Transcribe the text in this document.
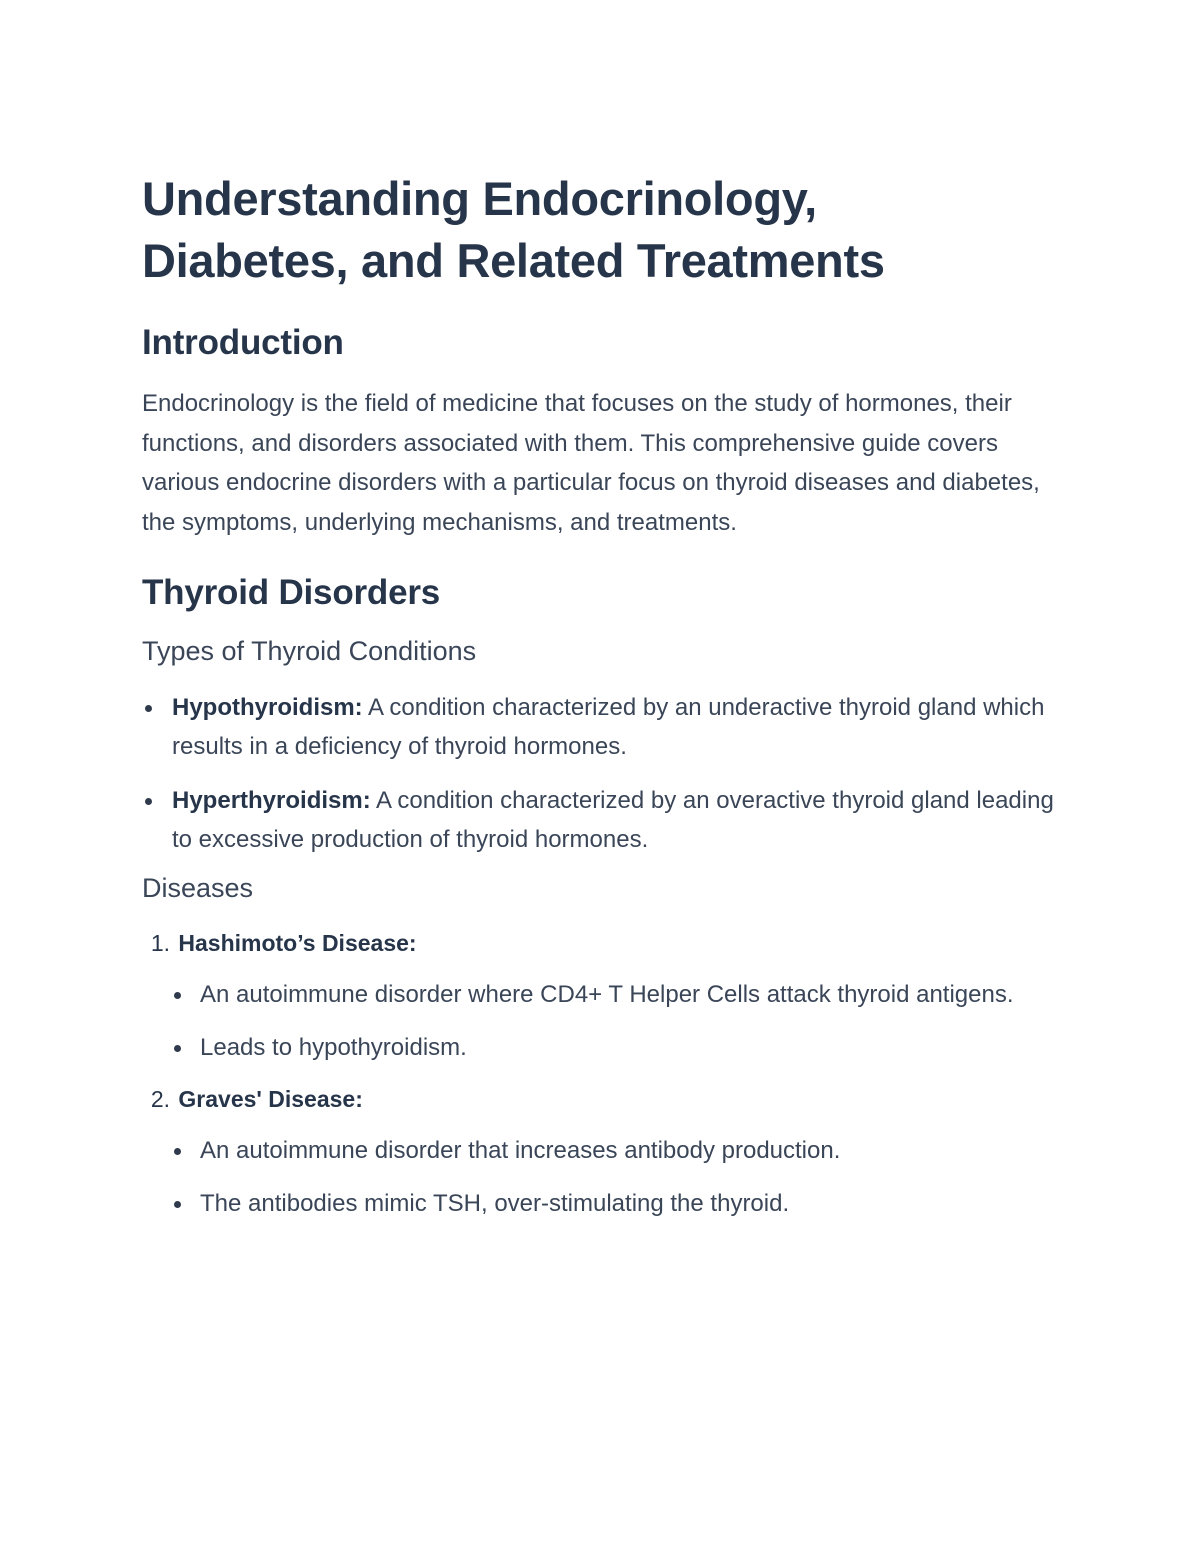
Understanding Endocrinology,
Diabetes, and Related Treatments
Introduction

Endocrinology is the field of medicine that focuses on the study of hormones, their functions, and disorders associated with them. This comprehensive guide covers various endocrine disorders with a particular focus on thyroid diseases and diabetes, the symptoms, underlying mechanisms, and treatments.

Thyroid Disorders
Types of Thyroid Conditions
Hypothyroidism: A condition characterized by an underactive thyroid gland which results in a deficiency of thyroid hormones.
Hyperthyroidism: A condition characterized by an overactive thyroid gland leading to excessive production of thyroid hormones.
Diseases
1. Hashimoto’s Disease:
An autoimmune disorder where CD4+ T Helper Cells attack thyroid antigens.
Leads to hypothyroidism.
2. Graves' Disease:
An autoimmune disorder that increases antibody production.
The antibodies mimic TSH, over-stimulating the thyroid.
